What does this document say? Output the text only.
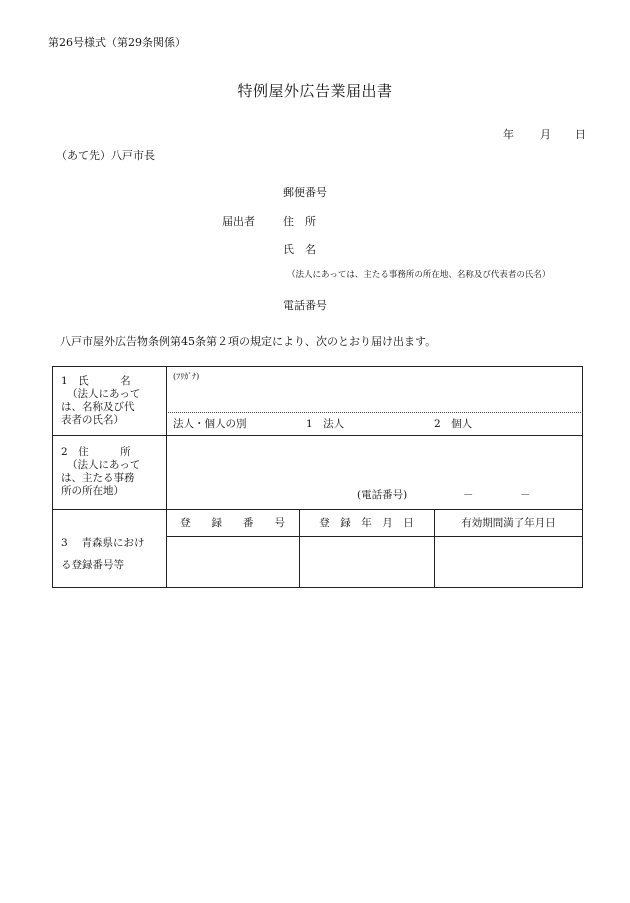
第26号様式（第29条関係）
特例屋外広告業届出書
年 月 日
（あて先）八戸市長
郵便番号
届出者	住　所
氏　名
（法人にあっては、主たる事務所の所在地、名称及び代表者の氏名）
電話番号
八戸市屋外広告物条例第45条第２項の規定により、次のとおり届け出ます。
1　氏　　　名
（法人にあって
は、名称及び代
表者の氏名）
(ﾌﾘｶﾞﾅ)
法人・個人の別	1　法人	2　個人
2　住　　　所
（法人にあって
は、主たる事務
所の所在地）	(電話番号)	－	－
3　 青森県におけ
る登録番号等
登　　録　　番　　号	登　録　年　月　日	有効期間満了年月日
